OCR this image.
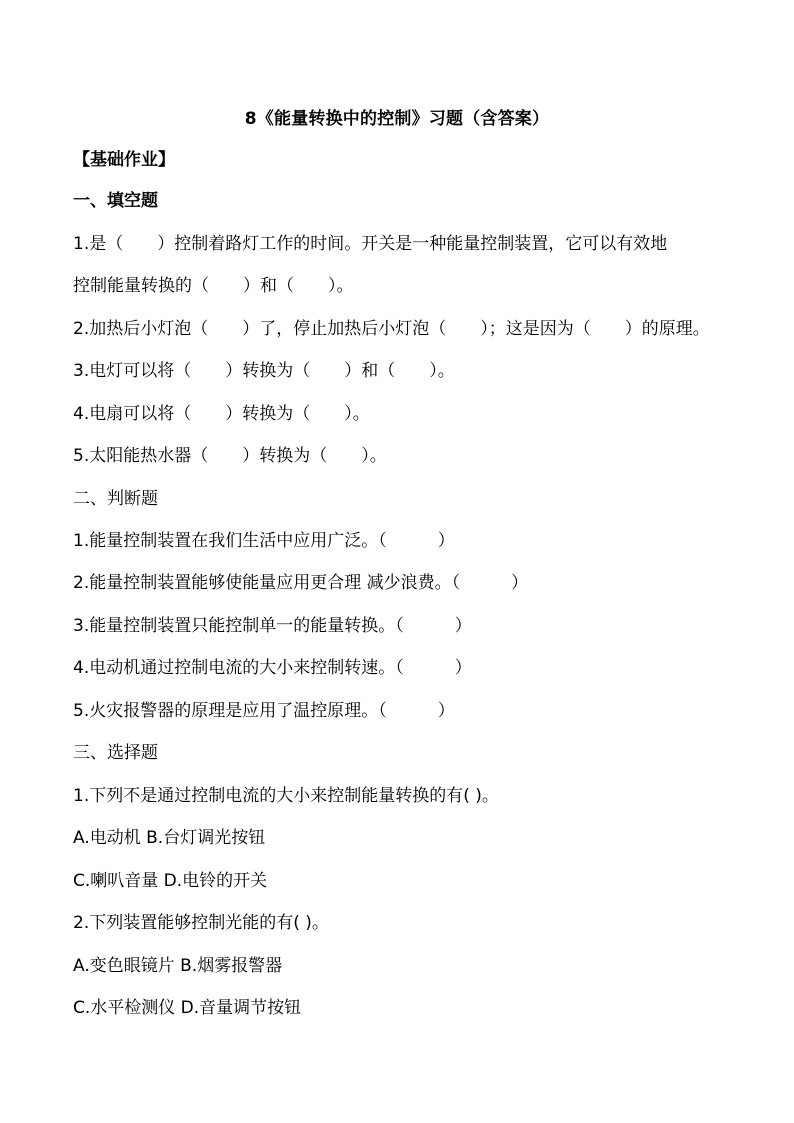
8《能量转换中的控制》习题（含答案）
【基础作业】
一、填空题
1.是（　　）控制着路灯工作的时间。开关是一种能量控制装置，它可以有效地
控制能量转换的（　　）和（　　）。
2.加热后小灯泡（　　）了，停止加热后小灯泡（　　）；这是因为（　　）的原理。
3.电灯可以将（　　）转换为（　　）和（　　）。
4.电扇可以将（　　）转换为（　　）。
5.太阳能热水器（　　）转换为（　　）。
二、判断题
1.能量控制装置在我们生活中应用广泛。（　　　）
2.能量控制装置能够使能量应用更合理 减少浪费。（　　　）
3.能量控制装置只能控制单一的能量转换。（　　　）
4.电动机通过控制电流的大小来控制转速。（　　　）
5.火灾报警器的原理是应用了温控原理。（　　　）
三、选择题
1.下列不是通过控制电流的大小来控制能量转换的有( )。
A.电动机 B.台灯调光按钮
C.喇叭音量 D.电铃的开关
2.下列装置能够控制光能的有( )。
A.变色眼镜片 B.烟雾报警器
C.水平检测仪 D.音量调节按钮
